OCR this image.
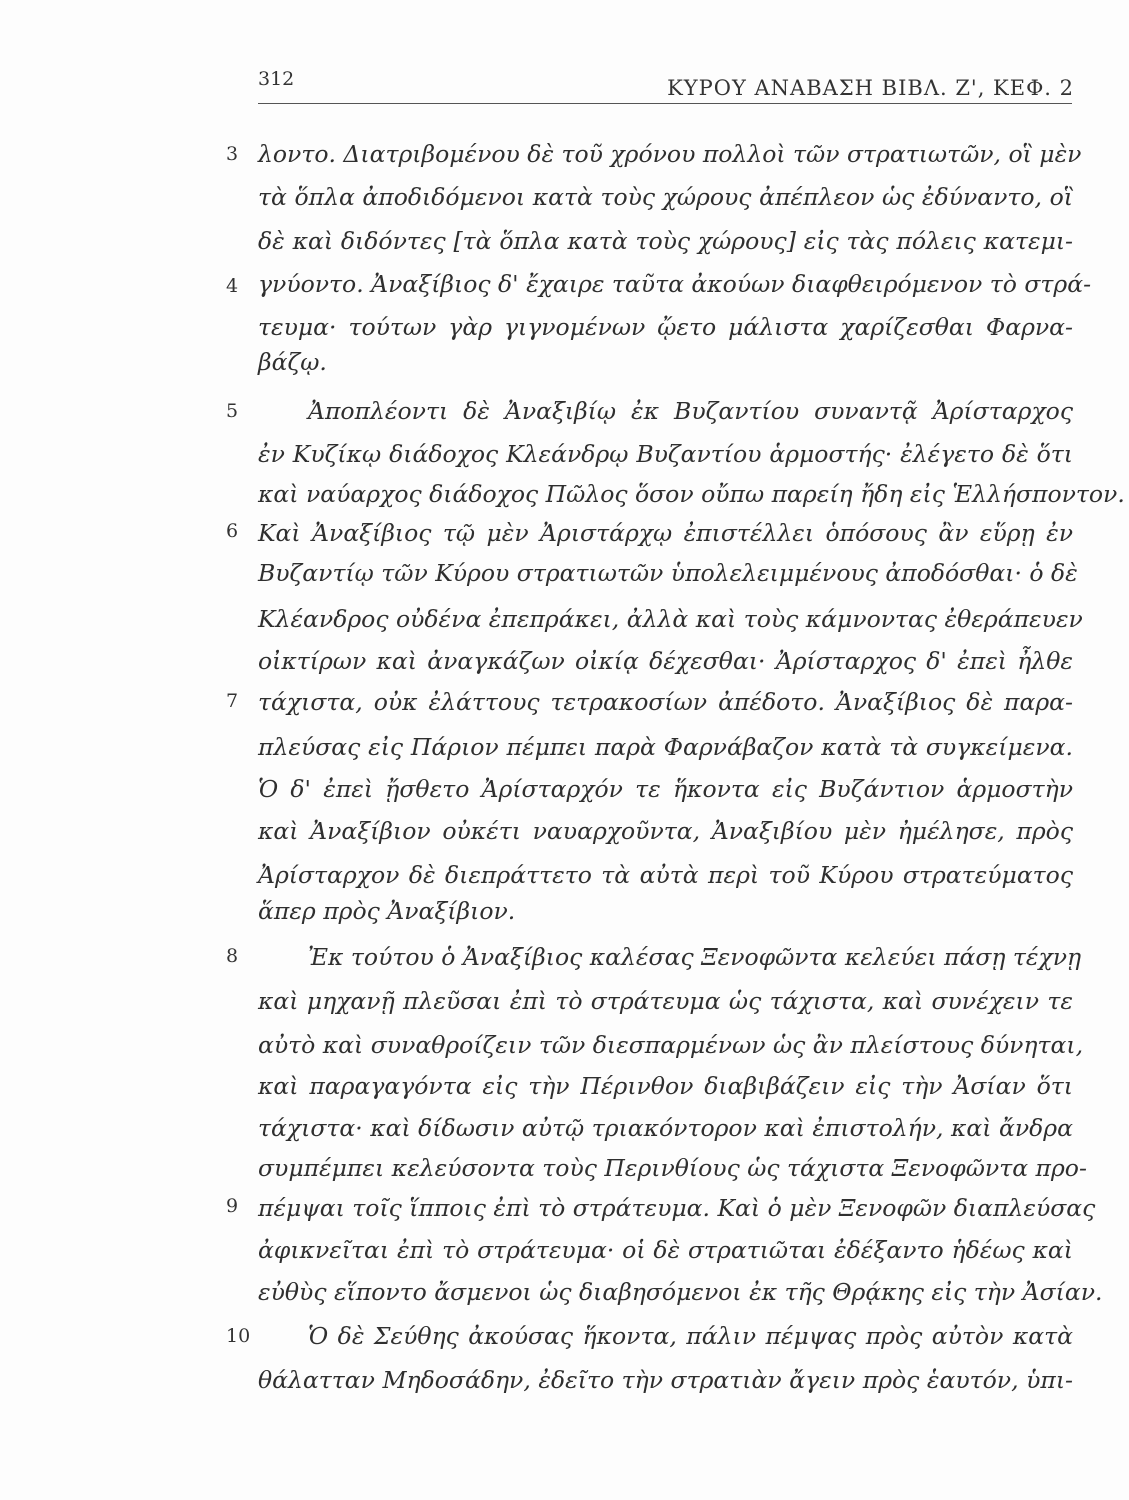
312	ΚΥΡΟΥ ΑΝΑΒΑΣΗ ΒΙΒΛ. Ζ', ΚΕΦ. 2
3
4
5
6
7
8
9
10
λοντο. Διατριβομένου δὲ τοῦ χρόνου πολλοὶ τῶν στρατιωτῶν, οἳ μὲν
τὰ ὅπλα ἀποδιδόμενοι κατὰ τοὺς χώρους ἀπέπλεον ὡς ἐδύναντο, οἳ
δὲ καὶ διδόντες [τὰ ὅπλα κατὰ τοὺς χώρους] εἰς τὰς πόλεις κατεμι-
γνύοντο. Ἀναξίβιος δ' ἔχαιρε ταῦτα ἀκούων διαφθειρόμενον τὸ στρά-
τευμα· τούτων γὰρ γιγνομένων ᾤετο μάλιστα χαρίζεσθαι Φαρνα-
βάζῳ.
Ἀποπλέοντι δὲ Ἀναξιβίῳ ἐκ Βυζαντίου συναντᾷ Ἀρίσταρχος
ἐν Κυζίκῳ διάδοχος Κλεάνδρῳ Βυζαντίου ἁρμοστής· ἐλέγετο δὲ ὅτι
καὶ ναύαρχος διάδοχος Πῶλος ὅσον οὔπω παρείη ἤδη εἰς Ἑλλήσποντον.
Καὶ Ἀναξίβιος τῷ μὲν Ἀριστάρχῳ ἐπιστέλλει ὁπόσους ἂν εὕρῃ ἐν
Βυζαντίῳ τῶν Κύρου στρατιωτῶν ὑπολελειμμένους ἀποδόσθαι· ὁ δὲ
Κλέανδρος οὐδένα ἐπεπράκει, ἀλλὰ καὶ τοὺς κάμνοντας ἐθεράπευεν
οἰκτίρων καὶ ἀναγκάζων οἰκίᾳ δέχεσθαι· Ἀρίσταρχος δ' ἐπεὶ ἦλθε
τάχιστα, οὐκ ἐλάττους τετρακοσίων ἀπέδοτο. Ἀναξίβιος δὲ παρα-
πλεύσας εἰς Πάριον πέμπει παρὰ Φαρνάβαζον κατὰ τὰ συγκείμενα.
Ὁ δ' ἐπεὶ ᾔσθετο Ἀρίσταρχόν τε ἥκοντα εἰς Βυζάντιον ἁρμοστὴν
καὶ Ἀναξίβιον οὐκέτι ναυαρχοῦντα, Ἀναξιβίου μὲν ἠμέλησε, πρὸς
Ἀρίσταρχον δὲ διεπράττετο τὰ αὐτὰ περὶ τοῦ Κύρου στρατεύματος
ἅπερ πρὸς Ἀναξίβιον.
Ἐκ τούτου ὁ Ἀναξίβιος καλέσας Ξενοφῶντα κελεύει πάσῃ τέχνῃ
καὶ μηχανῇ πλεῦσαι ἐπὶ τὸ στράτευμα ὡς τάχιστα, καὶ συνέχειν τε
αὐτὸ καὶ συναθροίζειν τῶν διεσπαρμένων ὡς ἂν πλείστους δύνηται,
καὶ παραγαγόντα εἰς τὴν Πέρινθον διαβιβάζειν εἰς τὴν Ἀσίαν ὅτι
τάχιστα· καὶ δίδωσιν αὐτῷ τριακόντορον καὶ ἐπιστολήν, καὶ ἄνδρα
συμπέμπει κελεύσοντα τοὺς Περινθίους ὡς τάχιστα Ξενοφῶντα προ-
πέμψαι τοῖς ἵπποις ἐπὶ τὸ στράτευμα. Καὶ ὁ μὲν Ξενοφῶν διαπλεύσας
ἀφικνεῖται ἐπὶ τὸ στράτευμα· οἱ δὲ στρατιῶται ἐδέξαντο ἡδέως καὶ
εὐθὺς εἵποντο ἄσμενοι ὡς διαβησόμενοι ἐκ τῆς Θρᾴκης εἰς τὴν Ἀσίαν.
Ὁ δὲ Σεύθης ἀκούσας ἥκοντα, πάλιν πέμψας πρὸς αὐτὸν κατὰ
θάλατταν Μηδοσάδην, ἐδεῖτο τὴν στρατιὰν ἄγειν πρὸς ἑαυτόν, ὑπι-
